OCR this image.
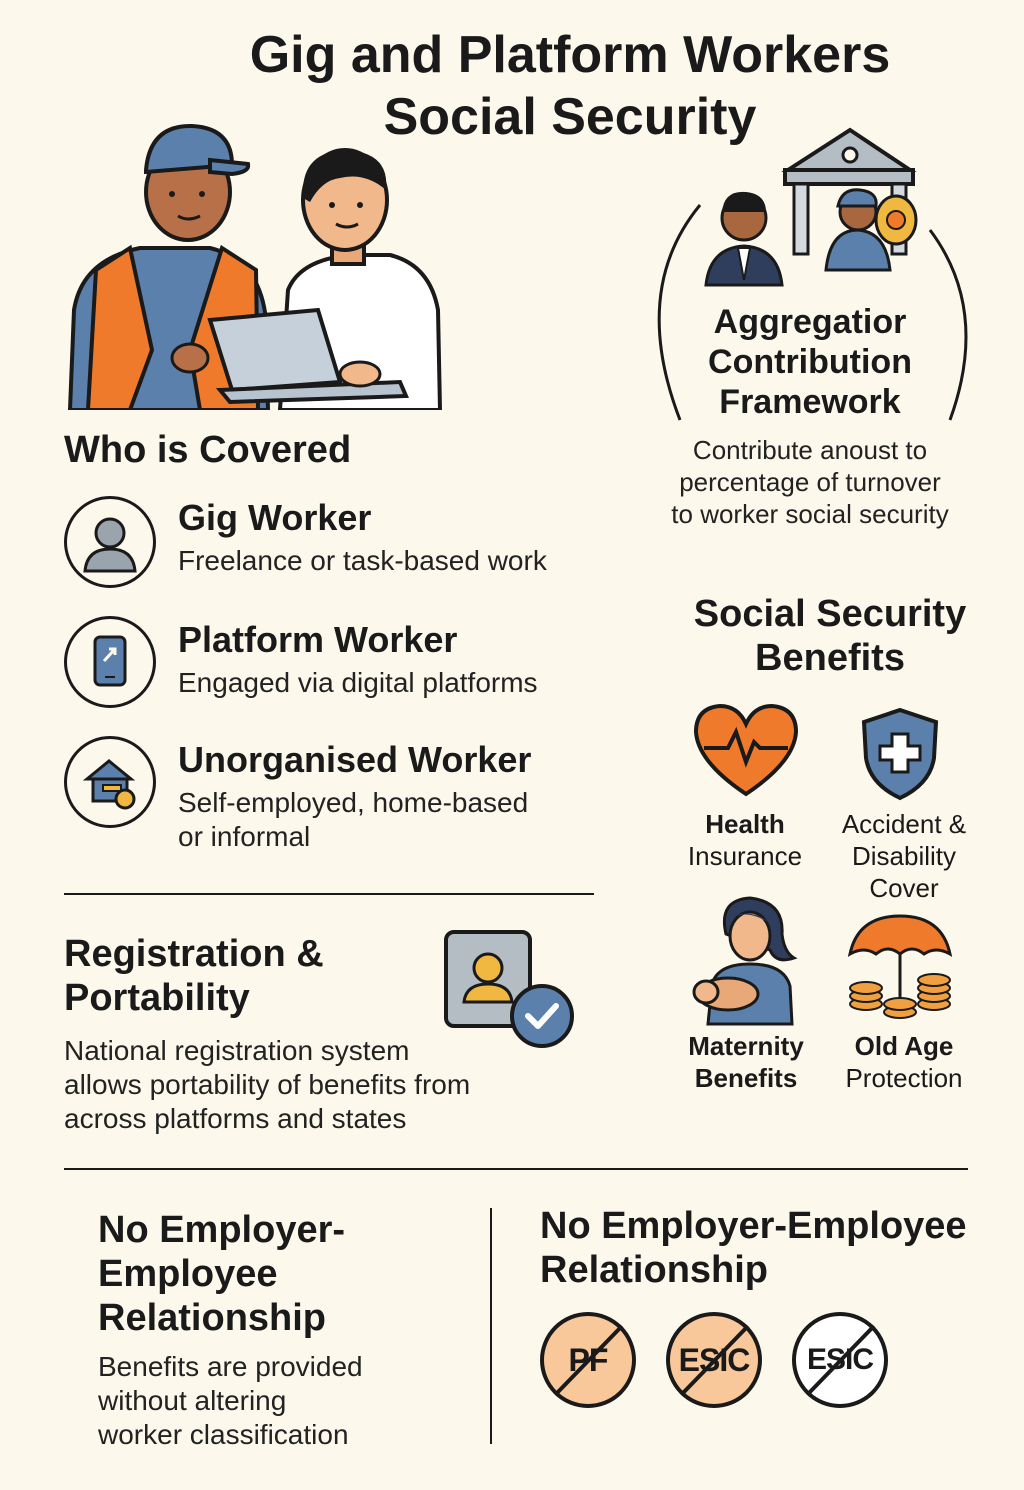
Gig and Platform Workers
Social Security
Aggregatior
Contribution
Framework
Contribute anoust to
percentage of turnover
to worker social security
Who is Covered
Gig Worker
Freelance or task-based work
Platform Worker
Engaged via digital platforms
Unorganised Worker
Self-employed, home-based
or informal
Social Security
Benefits
Health
Insurance
Accident &
Disability
Cover
Maternity
Benefits
Old Age
Protection
Registration &
Portability
National registration system
allows portability of benefits from
across platforms and states
No Employer-
Employee
Relationship
Benefits are provided
without altering
worker classification
No Employer-Employee
Relationship
PF	ESIC	ESIC
